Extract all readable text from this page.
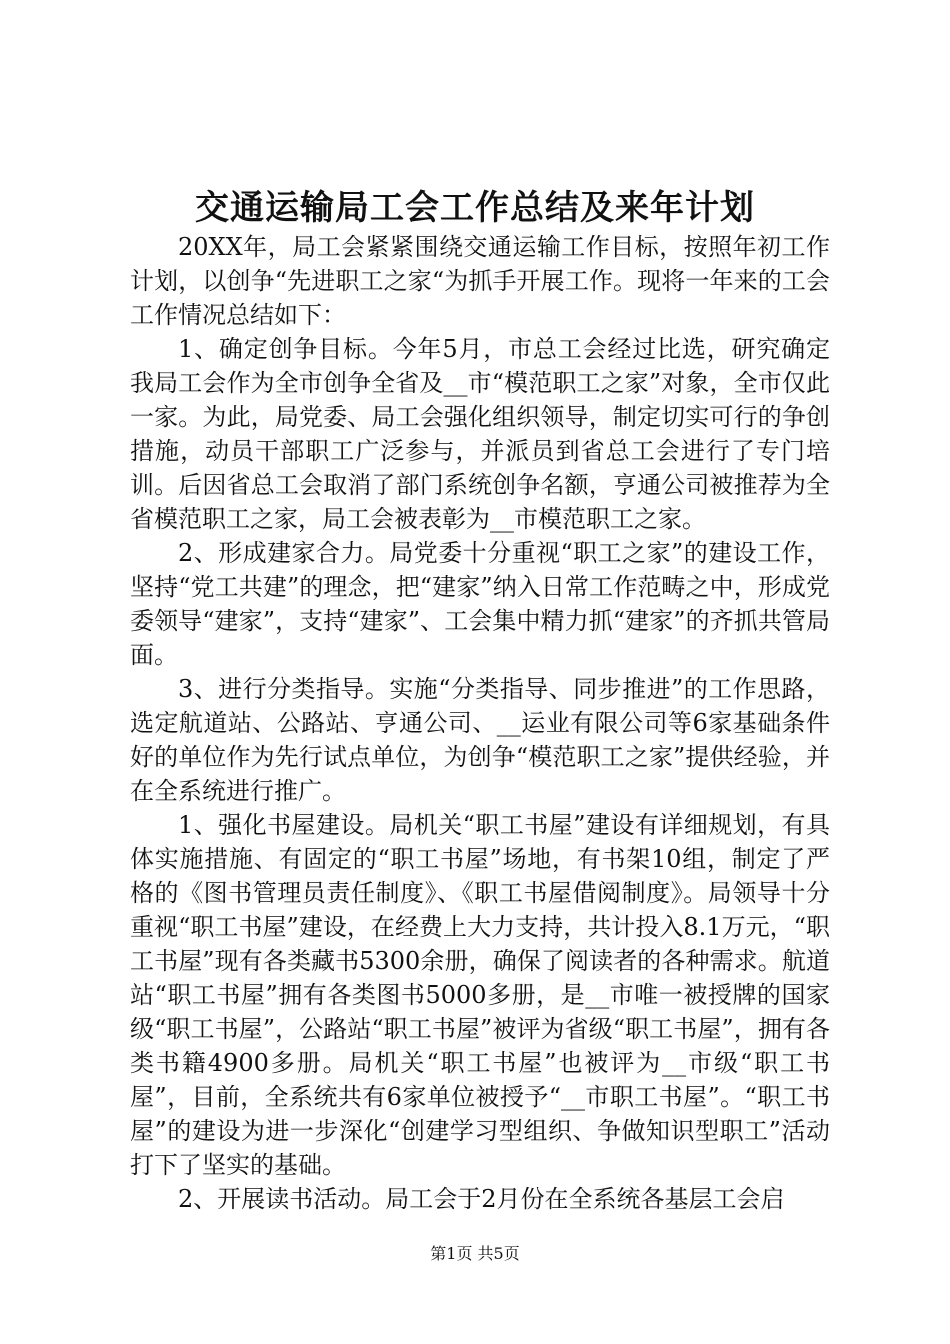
交通运输局工会工作总结及来年计划

20XX年，局工会紧紧围绕交通运输工作目标，按照年初工作计划，以创争“先进职工之家“为抓手开展工作。现将一年来的工会工作情况总结如下：

1、确定创争目标。今年5月，市总工会经过比选，研究确定我局工会作为全市创争全省及__市“模范职工之家”对象，全市仅此一家。为此，局党委、局工会强化组织领导，制定切实可行的争创措施，动员干部职工广泛参与，并派员到省总工会进行了专门培训。后因省总工会取消了部门系统创争名额，亨通公司被推荐为全省模范职工之家，局工会被表彰为__市模范职工之家。

2、形成建家合力。局党委十分重视“职工之家”的建设工作，坚持“党工共建”的理念，把“建家”纳入日常工作范畴之中，形成党委领导“建家”，支持“建家”、工会集中精力抓“建家”的齐抓共管局面。

3、进行分类指导。实施“分类指导、同步推进”的工作思路，选定航道站、公路站、亨通公司、__运业有限公司等6家基础条件好的单位作为先行试点单位，为创争“模范职工之家”提供经验，并在全系统进行推广。

1、强化书屋建设。局机关“职工书屋”建设有详细规划，有具体实施措施、有固定的“职工书屋”场地，有书架10组，制定了严格的《图书管理员责任制度》、《职工书屋借阅制度》。局领导十分重视“职工书屋”建设，在经费上大力支持，共计投入8.1万元，“职工书屋”现有各类藏书5300余册，确保了阅读者的各种需求。航道站“职工书屋”拥有各类图书5000多册，是__市唯一被授牌的国家级“职工书屋”，公路站“职工书屋”被评为省级“职工书屋”，拥有各类书籍4900多册。局机关“职工书屋”也被评为__市级“职工书屋”，目前，全系统共有6家单位被授予“__市职工书屋”。“职工书屋”的建设为进一步深化“创建学习型组织、争做知识型职工”活动打下了坚实的基础。

2、开展读书活动。局工会于2月份在全系统各基层工会启

第1页 共5页
